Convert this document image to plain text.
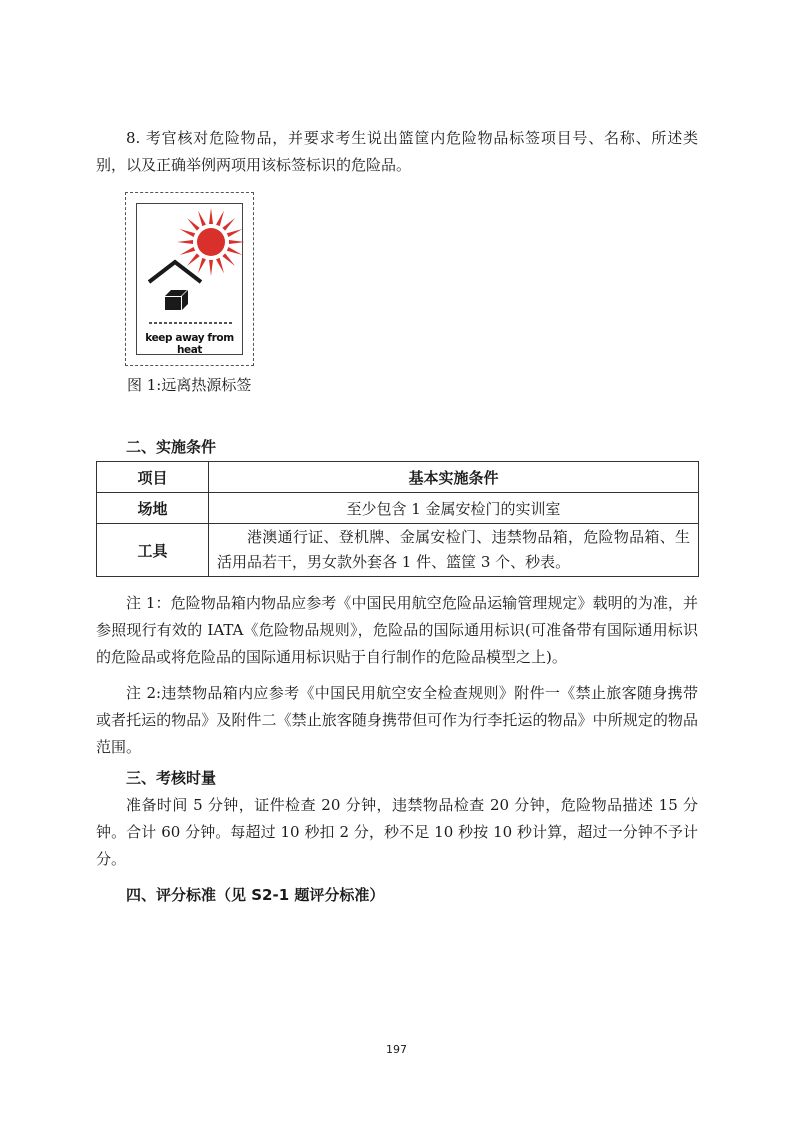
8. 考官核对危险物品，并要求考生说出篮筐内危险物品标签项目号、名称、所述类别，以及正确举例两项用该标签标识的危险品。

keep away from heat

图 1:远离热源标签

二、实施条件

项目	基本实施条件
场地	至少包含 1 金属安检门的实训室
工具	港澳通行证、登机牌、金属安检门、违禁物品箱，危险物品箱、生活用品若干，男女款外套各 1 件、篮筐 3 个、秒表。

注 1：危险物品箱内物品应参考《中国民用航空危险品运输管理规定》载明的为准，并参照现行有效的 IATA《危险物品规则》，危险品的国际通用标识(可准备带有国际通用标识的危险品或将危险品的国际通用标识贴于自行制作的危险品模型之上)。

注 2:违禁物品箱内应参考《中国民用航空安全检查规则》附件一《禁止旅客随身携带或者托运的物品》及附件二《禁止旅客随身携带但可作为行李托运的物品》中所规定的物品范围。

三、考核时量

准备时间 5 分钟，证件检查 20 分钟，违禁物品检查 20 分钟，危险物品描述 15 分钟。合计 60 分钟。每超过 10 秒扣 2 分，秒不足 10 秒按 10 秒计算，超过一分钟不予计分。

四、评分标准（见 S2-1 题评分标准）

197
